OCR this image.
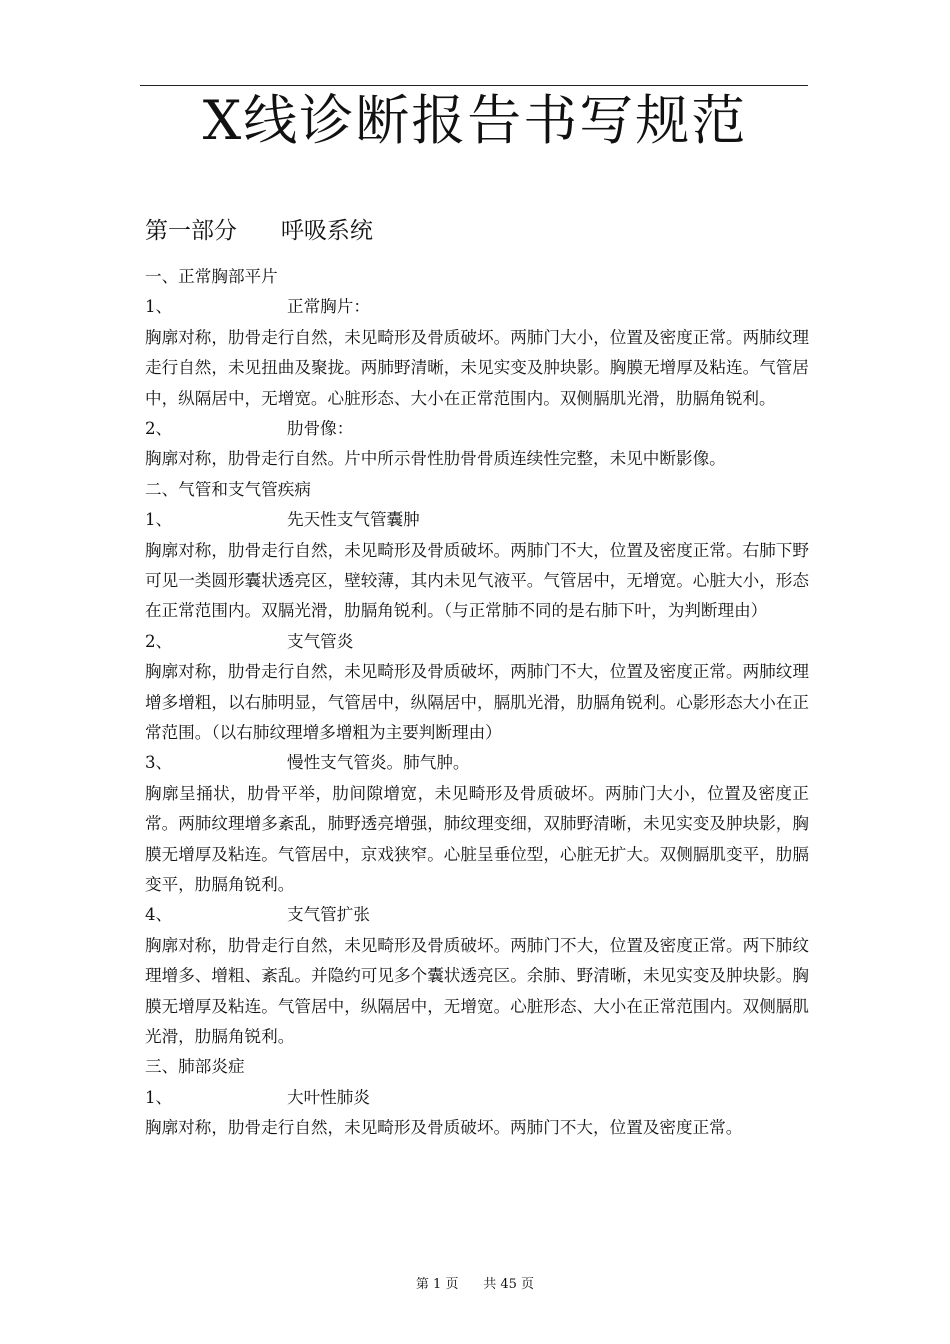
X线诊断报告书写规范
第一部分      呼吸系统
一、正常胸部平片
1、	正常胸片：
胸廓对称，肋骨走行自然，未见畸形及骨质破坏。两肺门大小，位置及密度正常。两肺纹理走行自然，未见扭曲及聚拢。两肺野清晰，未见实变及肿块影。胸膜无增厚及粘连。气管居中，纵隔居中，无增宽。心脏形态、大小在正常范围内。双侧膈肌光滑，肋膈角锐利。
2、	肋骨像：
胸廓对称，肋骨走行自然。片中所示骨性肋骨骨质连续性完整，未见中断影像。
二、气管和支气管疾病
1、	先天性支气管囊肿
胸廓对称，肋骨走行自然，未见畸形及骨质破坏。两肺门不大，位置及密度正常。右肺下野可见一类圆形囊状透亮区，壁较薄，其内未见气液平。气管居中，无增宽。心脏大小，形态在正常范围内。双膈光滑，肋膈角锐利。（与正常肺不同的是右肺下叶，为判断理由）
2、	支气管炎
胸廓对称，肋骨走行自然，未见畸形及骨质破坏，两肺门不大，位置及密度正常。两肺纹理增多增粗，以右肺明显，气管居中，纵隔居中，膈肌光滑，肋膈角锐利。心影形态大小在正常范围。（以右肺纹理增多增粗为主要判断理由）
3、	慢性支气管炎。肺气肿。
胸廓呈捅状，肋骨平举，肋间隙增宽，未见畸形及骨质破坏。两肺门大小，位置及密度正常。两肺纹理增多紊乱，肺野透亮增强，肺纹理变细，双肺野清晰，未见实变及肿块影，胸膜无增厚及粘连。气管居中，京戏狭窄。心脏呈垂位型，心脏无扩大。双侧膈肌变平，肋膈变平，肋膈角锐利。
4、	支气管扩张
胸廓对称，肋骨走行自然，未见畸形及骨质破坏。两肺门不大，位置及密度正常。两下肺纹理增多、增粗、紊乱。并隐约可见多个囊状透亮区。余肺、野清晰，未见实变及肿块影。胸膜无增厚及粘连。气管居中，纵隔居中，无增宽。心脏形态、大小在正常范围内。双侧膈肌光滑，肋膈角锐利。
三、肺部炎症
1、	大叶性肺炎
胸廓对称，肋骨走行自然，未见畸形及骨质破坏。两肺门不大，位置及密度正常。
第 1 页      共 45 页
